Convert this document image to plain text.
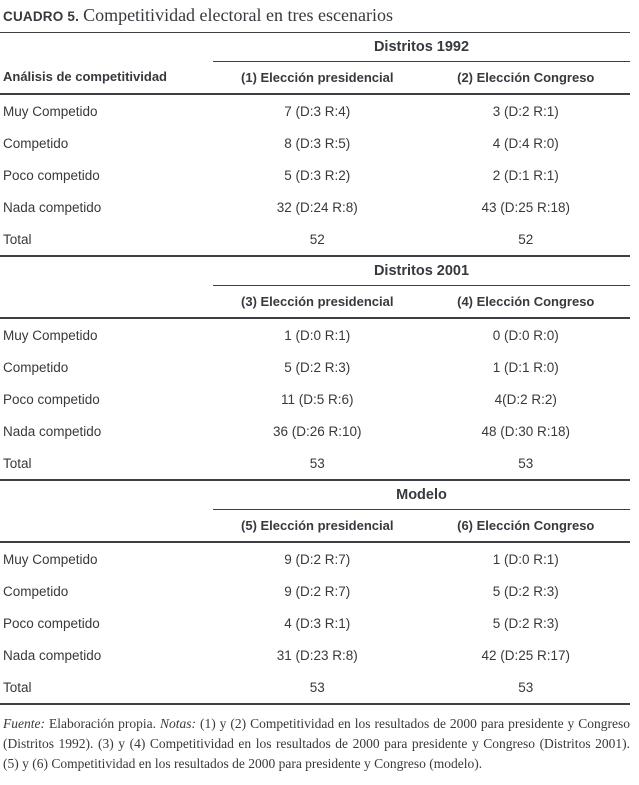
CUADRO 5. Competitividad electoral en tres escenarios
Análisis de competitividad
Distritos 1992
(1) Elección presidencial	(2) Elección Congreso
Muy Competido	7 (D:3 R:4)	3 (D:2 R:1)
Competido	8 (D:3 R:5)	4 (D:4 R:0)
Poco competido	5 (D:3 R:2)	2 (D:1 R:1)
Nada competido	32 (D:24 R:8)	43 (D:25 R:18)
Total	52	52
Distritos 2001
(3) Elección presidencial	(4) Elección Congreso
Muy Competido	1 (D:0 R:1)	0 (D:0 R:0)
Competido	5 (D:2 R:3)	1 (D:1 R:0)
Poco competido	11 (D:5 R:6)	4(D:2 R:2)
Nada competido	36 (D:26 R:10)	48 (D:30 R:18)
Total	53	53
Modelo
(5) Elección presidencial	(6) Elección Congreso
Muy Competido	9 (D:2 R:7)	1 (D:0 R:1)
Competido	9 (D:2 R:7)	5 (D:2 R:3)
Poco competido	4 (D:3 R:1)	5 (D:2 R:3)
Nada competido	31 (D:23 R:8)	42 (D:25 R:17)
Total	53	53
Fuente: Elaboración propia. Notas: (1) y (2) Competitividad en los resultados de 2000 para presidente y Congreso (Distritos 1992). (3) y (4) Competitividad en los resultados de 2000 para presidente y Congreso (Distritos 2001). (5) y (6) Competitividad en los resultados de 2000 para presidente y Congreso (modelo).
